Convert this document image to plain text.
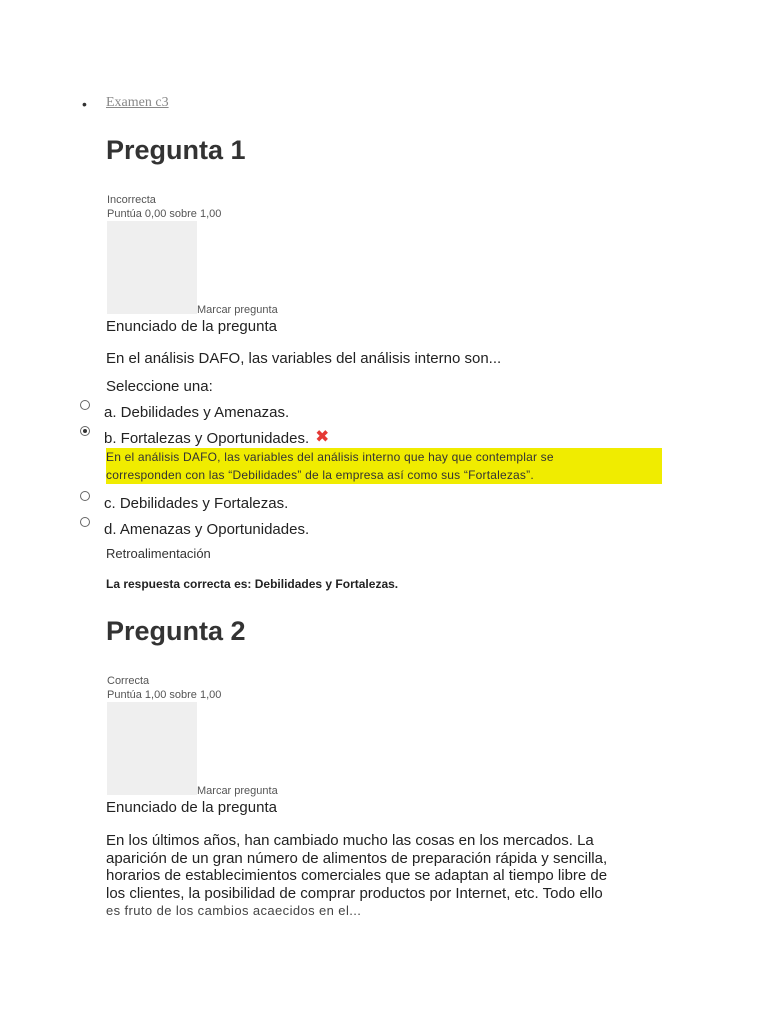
• Examen c3
Pregunta 1
Incorrecta
Puntúa 0,00 sobre 1,00
Marcar pregunta
Enunciado de la pregunta
En el análisis DAFO, las variables del análisis interno son...
Seleccione una:
a. Debilidades y Amenazas.
b. Fortalezas y Oportunidades. ✖
En el análisis DAFO, las variables del análisis interno que hay que contemplar se
corresponden con las “Debilidades” de la empresa así como sus “Fortalezas”.
c. Debilidades y Fortalezas.
d. Amenazas y Oportunidades.
Retroalimentación
La respuesta correcta es: Debilidades y Fortalezas.
Pregunta 2
Correcta
Puntúa 1,00 sobre 1,00
Marcar pregunta
Enunciado de la pregunta
En los últimos años, han cambiado mucho las cosas en los mercados. La
aparición de un gran número de alimentos de preparación rápida y sencilla,
horarios de establecimientos comerciales que se adaptan al tiempo libre de
los clientes, la posibilidad de comprar productos por Internet, etc. Todo ello
es fruto de los cambios acaecidos en el...
